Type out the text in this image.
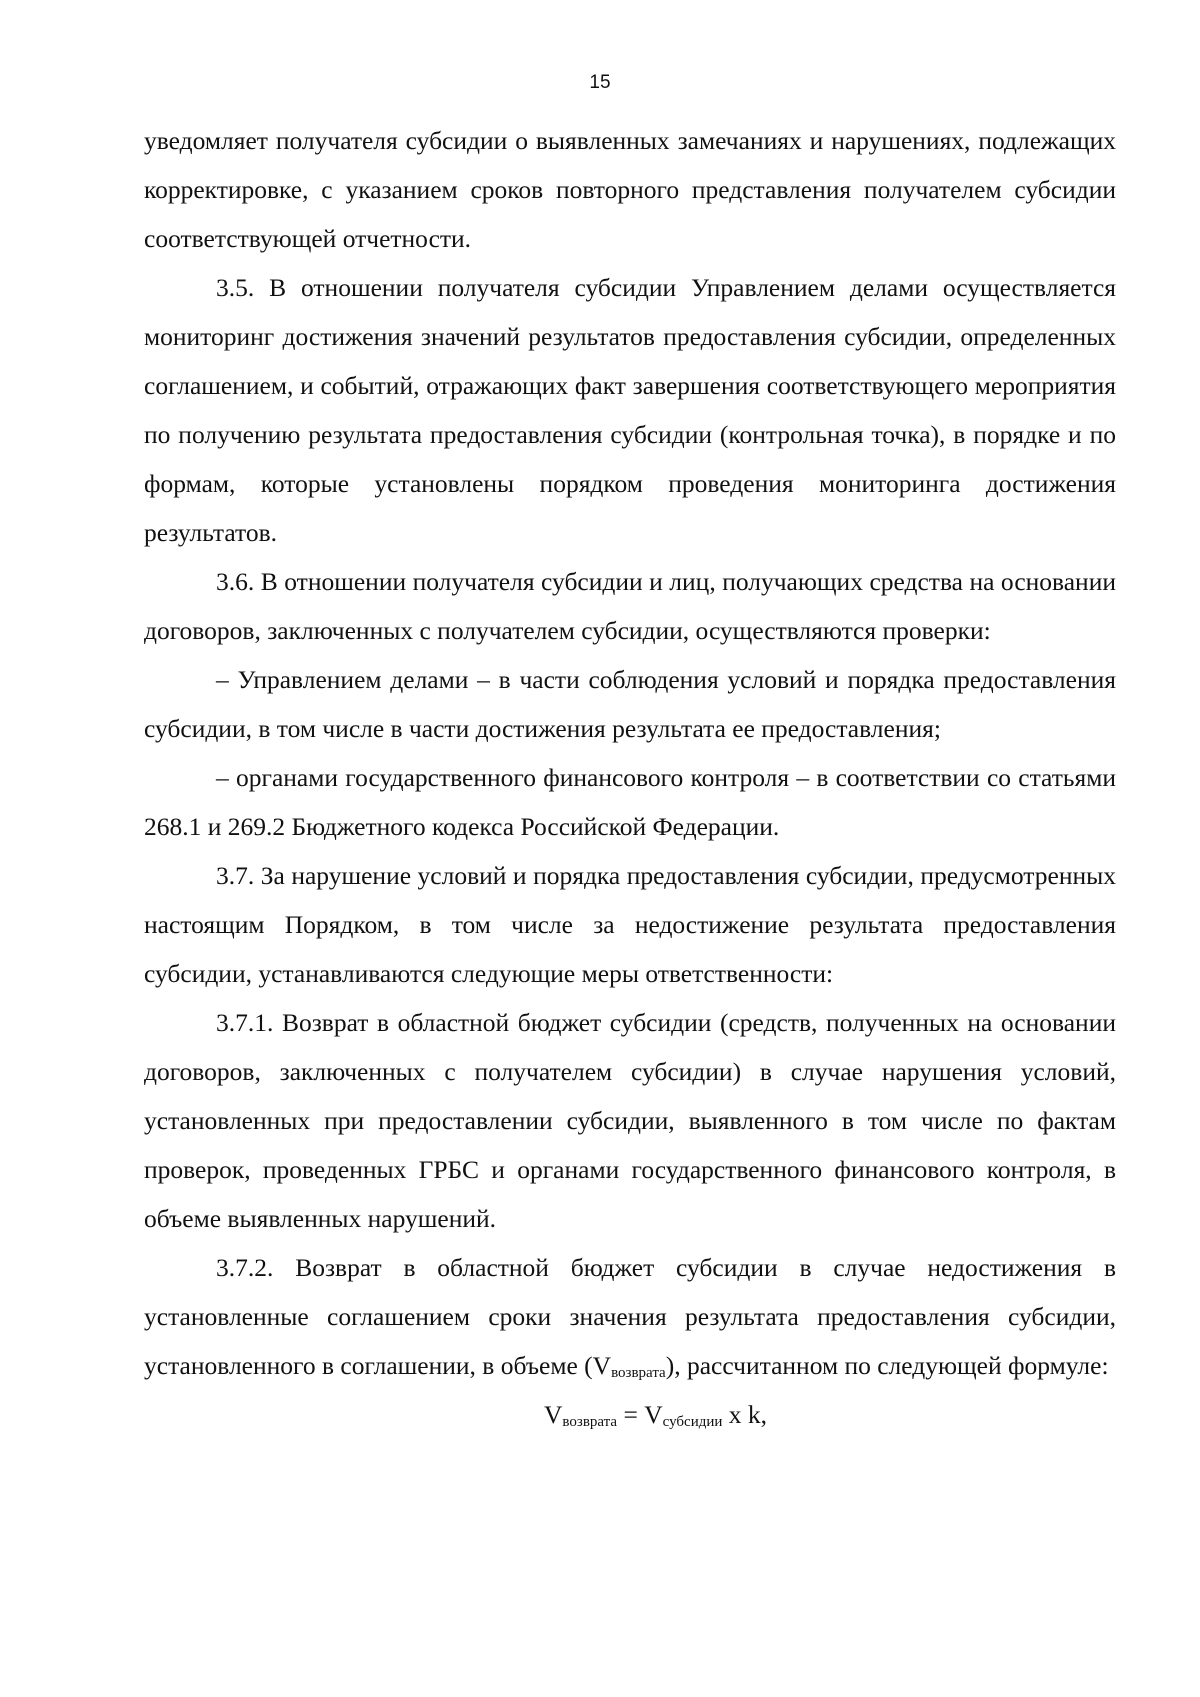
15

уведомляет получателя субсидии о выявленных замечаниях и нарушениях, подлежащих корректировке, с указанием сроков повторного представления получателем субсидии соответствующей отчетности.

3.5. В отношении получателя субсидии Управлением делами осуществляется мониторинг достижения значений результатов предоставления субсидии, определенных соглашением, и событий, отражающих факт завершения соответствующего мероприятия по получению результата предоставления субсидии (контрольная точка), в порядке и по формам, которые установлены порядком проведения мониторинга достижения результатов.

3.6. В отношении получателя субсидии и лиц, получающих средства на основании договоров, заключенных с получателем субсидии, осуществляются проверки:

– Управлением делами – в части соблюдения условий и порядка предоставления субсидии, в том числе в части достижения результата ее предоставления;

– органами государственного финансового контроля – в соответствии со статьями 268.1 и 269.2 Бюджетного кодекса Российской Федерации.

3.7. За нарушение условий и порядка предоставления субсидии, предусмотренных настоящим Порядком, в том числе за недостижение результата предоставления субсидии, устанавливаются следующие меры ответственности:

3.7.1. Возврат в областной бюджет субсидии (средств, полученных на основании договоров, заключенных с получателем субсидии) в случае нарушения условий, установленных при предоставлении субсидии, выявленного в том числе по фактам проверок, проведенных ГРБС и органами государственного финансового контроля, в объеме выявленных нарушений.

3.7.2. Возврат в областной бюджет субсидии в случае недостижения в установленные соглашением сроки значения результата предоставления субсидии, установленного в соглашении, в объеме $(V_{возврата})$, рассчитанном по следующей формуле:

$V_{возврата} = V_{субсидии}$ x k,
